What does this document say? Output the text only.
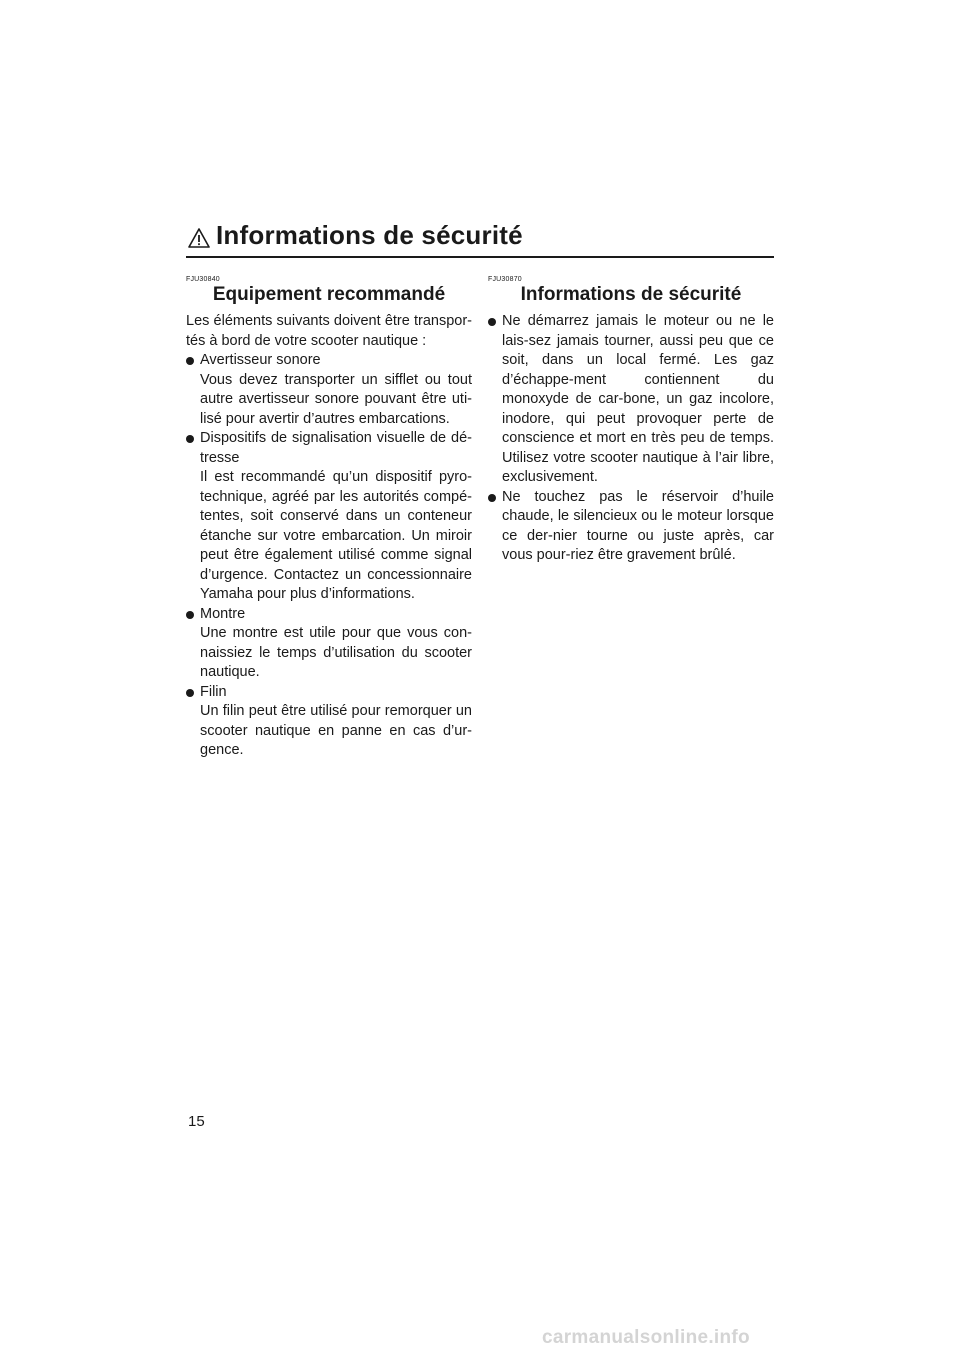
Informations de sécurité
FJU30840
Equipement recommandé

Les éléments suivants doivent être transpor-tés à bord de votre scooter nautique :

Avertisseur sonore
Vous devez transporter un sifflet ou tout autre avertisseur sonore pouvant être uti-lisé pour avertir d’autres embarcations.
Dispositifs de signalisation visuelle de dé-tresse
Il est recommandé qu’un dispositif pyro-technique, agréé par les autorités compé-tentes, soit conservé dans un conteneur étanche sur votre embarcation. Un miroir peut être également utilisé comme signal d’urgence. Contactez un concessionnaire Yamaha pour plus d’informations.
Montre
Une montre est utile pour que vous con-naissiez le temps d’utilisation du scooter nautique.
Filin
Un filin peut être utilisé pour remorquer un scooter nautique en panne en cas d’ur-gence.
FJU30870
Informations de sécurité
Ne démarrez jamais le moteur ou ne le lais-sez jamais tourner, aussi peu que ce soit, dans un local fermé. Les gaz d’échappe-ment contiennent du monoxyde de car-bone, un gaz incolore, inodore, qui peut provoquer perte de conscience et mort en très peu de temps. Utilisez votre scooter nautique à l’air libre, exclusivement.
Ne touchez pas le réservoir d’huile chaude, le silencieux ou le moteur lorsque ce der-nier tourne ou juste après, car vous pour-riez être gravement brûlé.
15
carmanualsonline.info
